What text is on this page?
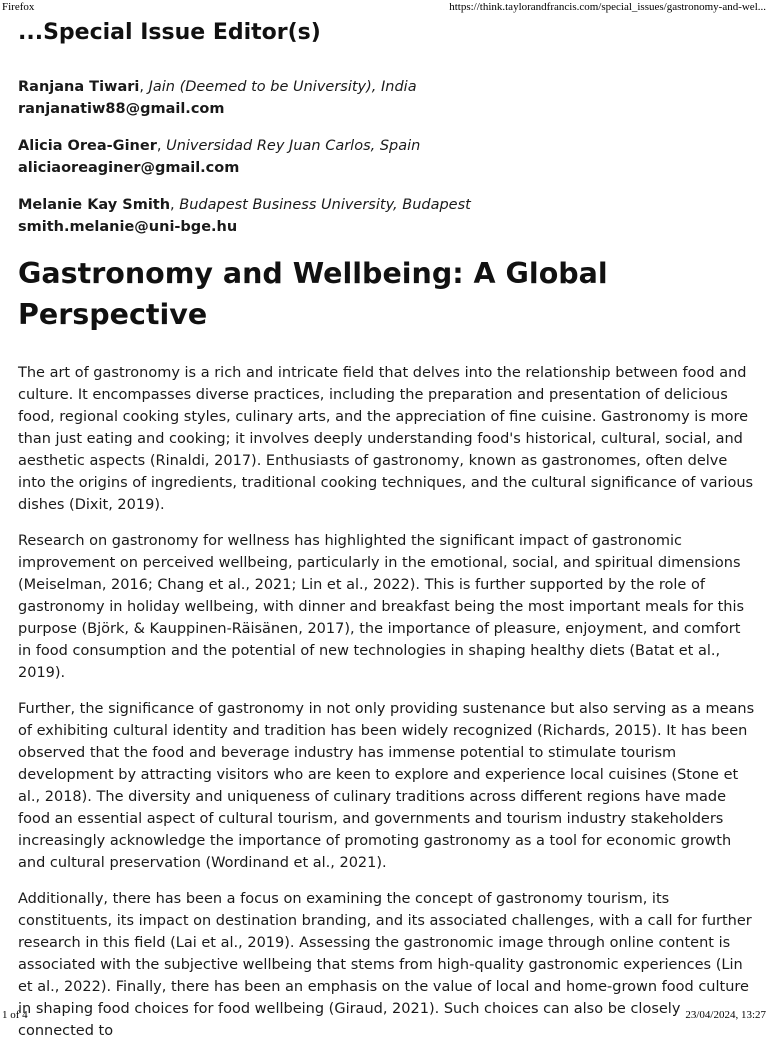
Firefox	https://think.taylorandfrancis.com/special_issues/gastronomy-and-wel...
...Special Issue Editor(s)
Ranjana Tiwari, Jain (Deemed to be University), India
ranjanatiw88@gmail.com
Alicia Orea-Giner, Universidad Rey Juan Carlos, Spain
aliciaoreaginer@gmail.com
Melanie Kay Smith, Budapest Business University, Budapest
smith.melanie@uni-bge.hu
Gastronomy and Wellbeing: A Global Perspective

The art of gastronomy is a rich and intricate field that delves into the relationship between food and culture. It encompasses diverse practices, including the preparation and presentation of delicious food, regional cooking styles, culinary arts, and the appreciation of fine cuisine. Gastronomy is more than just eating and cooking; it involves deeply understanding food's historical, cultural, social, and aesthetic aspects (Rinaldi, 2017). Enthusiasts of gastronomy, known as gastronomes, often delve into the origins of ingredients, traditional cooking techniques, and the cultural significance of various dishes (Dixit, 2019).

Research on gastronomy for wellness has highlighted the significant impact of gastronomic improvement on perceived wellbeing, particularly in the emotional, social, and spiritual dimensions (Meiselman, 2016; Chang et al., 2021; Lin et al., 2022). This is further supported by the role of gastronomy in holiday wellbeing, with dinner and breakfast being the most important meals for this purpose (Björk, & Kauppinen-Räisänen, 2017), the importance of pleasure, enjoyment, and comfort in food consumption and the potential of new technologies in shaping healthy diets (Batat et al., 2019).

Further, the significance of gastronomy in not only providing sustenance but also serving as a means of exhibiting cultural identity and tradition has been widely recognized (Richards, 2015). It has been observed that the food and beverage industry has immense potential to stimulate tourism development by attracting visitors who are keen to explore and experience local cuisines (Stone et al., 2018). The diversity and uniqueness of culinary traditions across different regions have made food an essential aspect of cultural tourism, and governments and tourism industry stakeholders increasingly acknowledge the importance of promoting gastronomy as a tool for economic growth and cultural preservation (Wordinand et al., 2021).

Additionally, there has been a focus on examining the concept of gastronomy tourism, its constituents, its impact on destination branding, and its associated challenges, with a call for further research in this field (Lai et al., 2019). Assessing the gastronomic image through online content is associated with the subjective wellbeing that stems from high-quality gastronomic experiences (Lin et al., 2022). Finally, there has been an emphasis on the value of local and home-grown food culture in shaping food choices for food wellbeing (Giraud, 2021). Such choices can also be closely connected to

1 of 4	23/04/2024, 13:27
